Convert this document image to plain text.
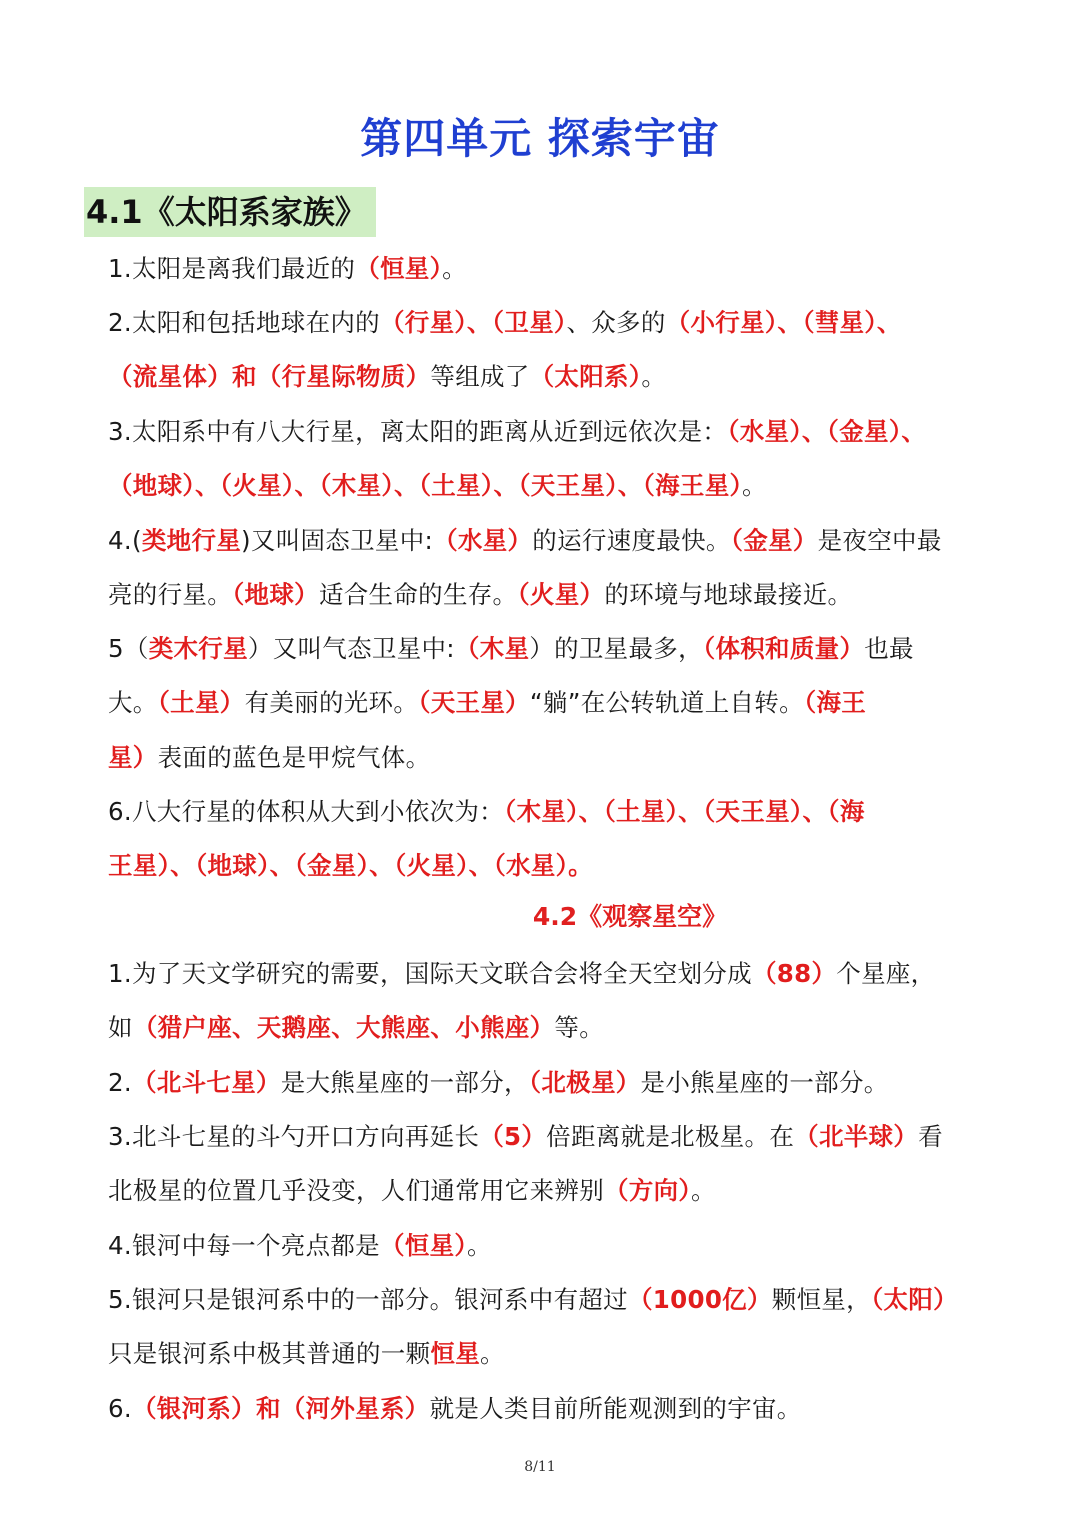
第四单元 探索宇宙
4.1《太阳系家族》

1.太阳是离我们最近的（恒星）。

2.太阳和包括地球在内的（行星）、（卫星）、众多的（小行星）、（彗星）、
（流星体）和（行星际物质）等组成了（太阳系）。

3.太阳系中有八大行星，离太阳的距离从近到远依次是：（水星）、（金星）、
（地球）、（火星）、（木星）、（土星）、（天王星）、（海王星）。

4.(类地行星)又叫固态卫星中:（水星）的运行速度最快。（金星）是夜空中最
亮的行星。（地球）适合生命的生存。（火星）的环境与地球最接近。

5（类木行星）又叫气态卫星中:（木星）的卫星最多，（体积和质量）也最
大。（土星）有美丽的光环。（天王星）“躺”在公转轨道上自转。（海王
星）表面的蓝色是甲烷气体。

6.八大行星的体积从大到小依次为：（木星）、（土星）、（天王星）、（海
王星）、（地球）、（金星）、（火星）、（水星）。

4.2《观察星空》

1.为了天文学研究的需要，国际天文联合会将全天空划分成（88）个星座，
如（猎户座、天鹅座、大熊座、小熊座）等。

2.（北斗七星）是大熊星座的一部分，（北极星）是小熊星座的一部分。

3.北斗七星的斗勺开口方向再延长（5）倍距离就是北极星。在（北半球）看
北极星的位置几乎没变，人们通常用它来辨别（方向）。

4.银河中每一个亮点都是（恒星）。

5.银河只是银河系中的一部分。银河系中有超过（1000亿）颗恒星，（太阳）
只是银河系中极其普通的一颗恒星。

6.（银河系）和（河外星系）就是人类目前所能观测到的宇宙。

8/11
